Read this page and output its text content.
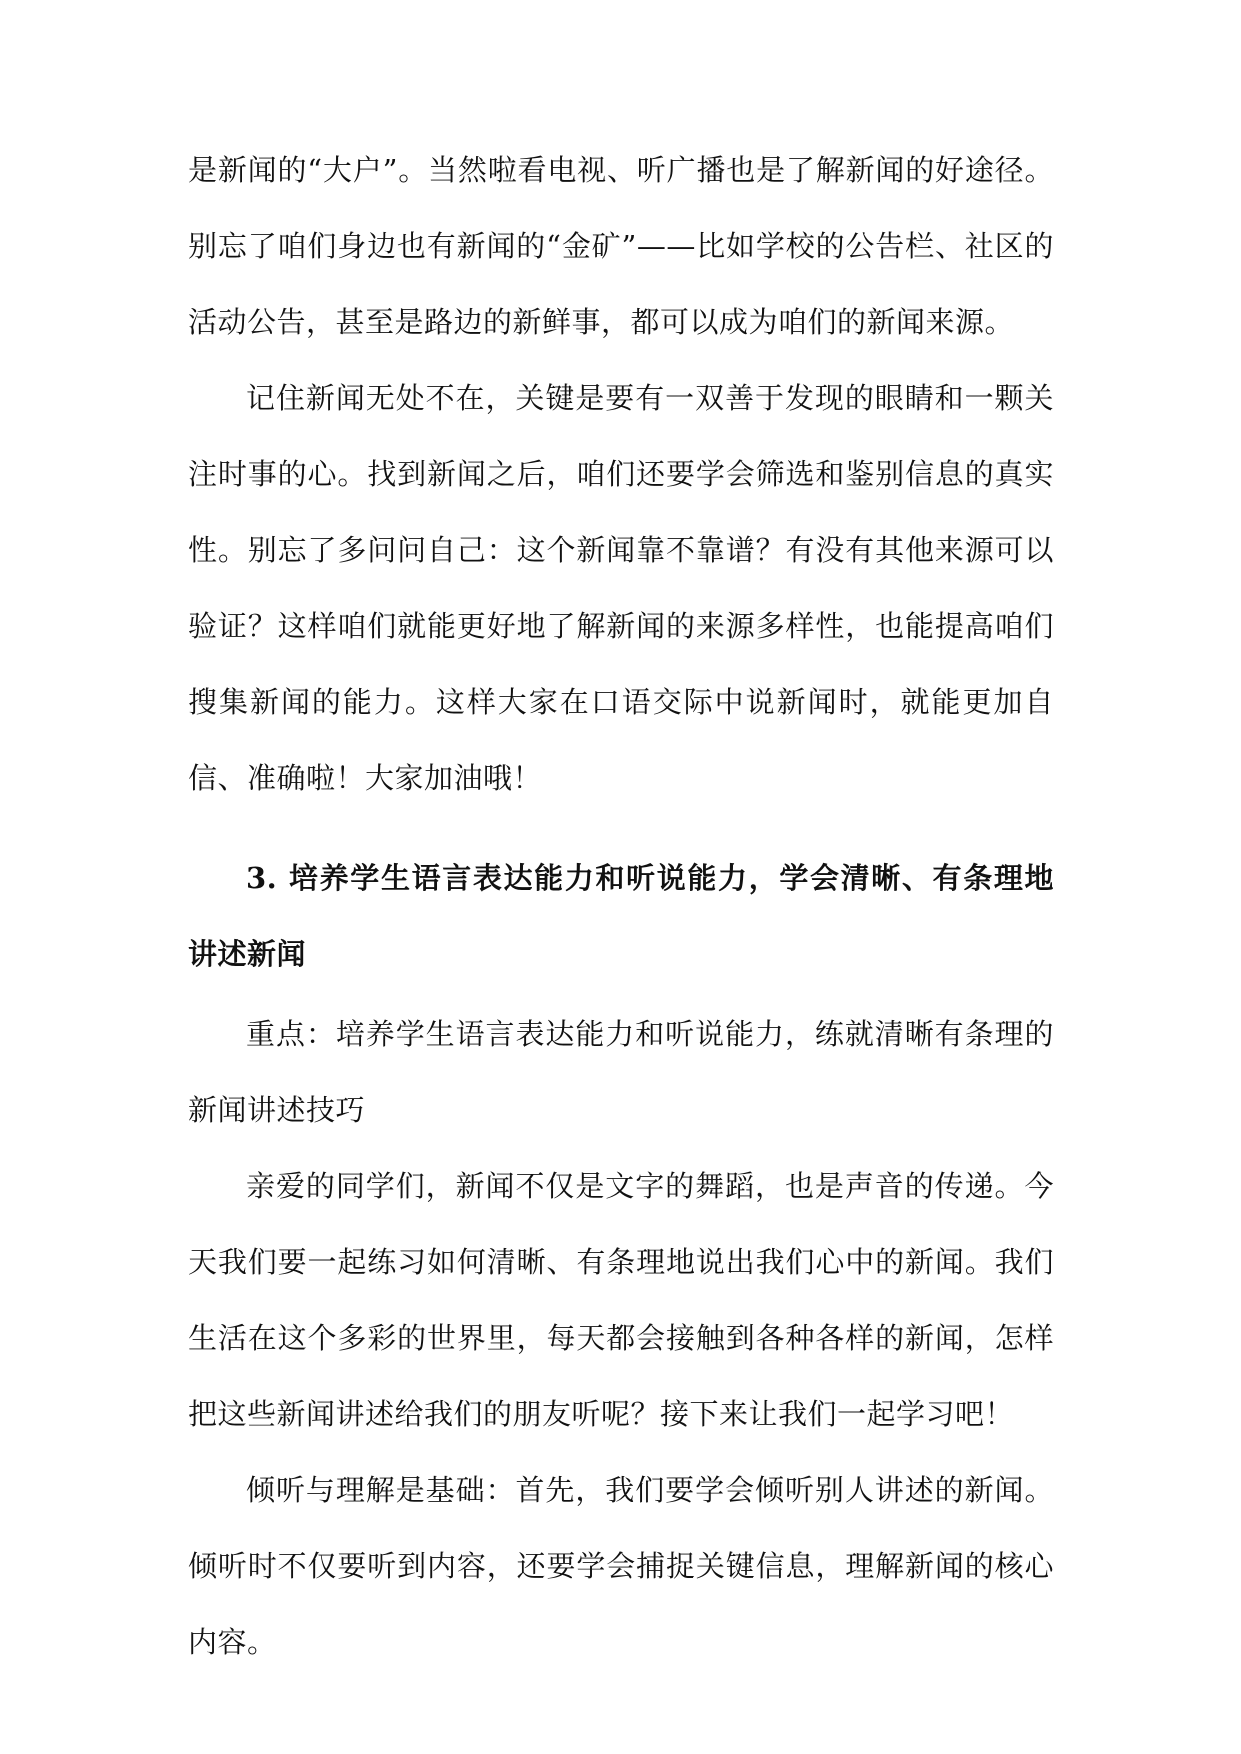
是新闻的“大户”。当然啦看电视、听广播也是了解新闻的好途径。别忘了咱们身边也有新闻的“金矿”——比如学校的公告栏、社区的活动公告，甚至是路边的新鲜事，都可以成为咱们的新闻来源。

记住新闻无处不在，关键是要有一双善于发现的眼睛和一颗关注时事的心。找到新闻之后，咱们还要学会筛选和鉴别信息的真实性。别忘了多问问自己：这个新闻靠不靠谱？有没有其他来源可以验证？这样咱们就能更好地了解新闻的来源多样性，也能提高咱们搜集新闻的能力。这样大家在口语交际中说新闻时，就能更加自信、准确啦！大家加油哦！

3. 培养学生语言表达能力和听说能力，学会清晰、有条理地讲述新闻

重点：培养学生语言表达能力和听说能力，练就清晰有条理的新闻讲述技巧

亲爱的同学们，新闻不仅是文字的舞蹈，也是声音的传递。今天我们要一起练习如何清晰、有条理地说出我们心中的新闻。我们生活在这个多彩的世界里，每天都会接触到各种各样的新闻，怎样把这些新闻讲述给我们的朋友听呢？接下来让我们一起学习吧！

倾听与理解是基础：首先，我们要学会倾听别人讲述的新闻。倾听时不仅要听到内容，还要学会捕捉关键信息，理解新闻的核心内容。
